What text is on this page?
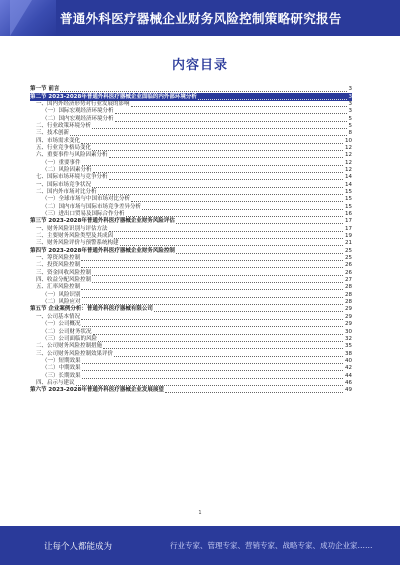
普通外科医疗器械企业财务风险控制策略研究报告
内容目录
第一节 前言	3
第二节 2023-2028年普通外科医疗器械企业面临的内外部环境分析	3
一、国内外经济形势对行业发展的影响	3
（一）国际宏观经济环境分析	3
（二）国内宏观经济环境分析	5
二、行业政策环境分析	5
三、技术创新	8
四、市场需求变化	10
五、行业竞争格局变化	12
六、重要事件与风险因素分析	12
（一）重要事件	12
（二）风险因素分析	12
七、国际市场环境与竞争分析	14
一、国际市场竞争状况	14
二、国内外市场对比分析	15
（一）全球市场与中国市场对比分析	15
（二）国内市场与国际市场竞争差异分析	15
（三）进出口贸易及国际合作分析	16
第三节 2023-2028年普通外科医疗器械企业财务风险评估	17
一、财务风险识别与评估方法	17
二、主要财务风险类型及其成因	19
三、财务风险评价与预警系统构建	21
第四节 2023-2028年普通外科医疗器械企业财务风险控制	25
一、筹资风险控制	25
二、投资风险控制	26
三、资金回收风险控制	26
四、收益分配风险控制	27
五、汇率风险控制	28
（一）风险识别	28
（二）风险应对	28
第五节 企业案例分析：普通外科医疗器械有限公司	29
一、公司基本情况	29
（一）公司概况	29
（二）公司财务状况	30
（三）公司面临的风险	32
二、公司财务风险控制措施	35
三、公司财务风险控制效果评价	38
（一）短期效果	40
（二）中期效果	42
（三）长期效果	44
四、启示与建议	46
第六节 2023-2028年普通外科医疗器械企业发展展望	49
1
让每个人都能成为	行业专家、管理专家、营销专家、战略专家、成功企业家……
